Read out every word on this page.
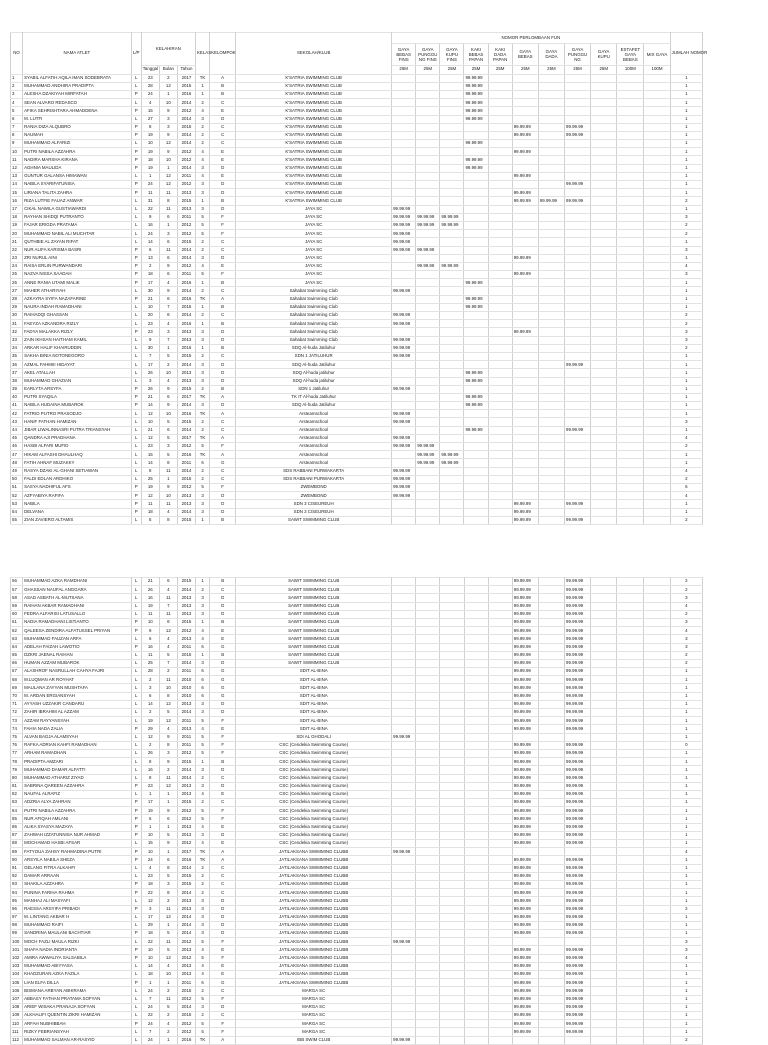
NO	NAMA ATLET	L/P	KELAHIRAN			KELAS	KELOMPOK	SEKOLAH/KLUB	NOMOR PERLOMBAAN FUN											JUMLAH NOMOR
									GAYA BEBAS FINS	GAYA PUNGGU NG FINS	GAYA KUPU FINS	KAKI BEBAS PAPAN	KAKI DADA PAPAN	GAYA BEBAS	GAYA DADA	GAYA PUNGGU NG	GAYA KUPU	ESTAFET GAYA BEBAS	MIX GAYA	
			Tanggal	Bulan	Tahun				25M	25M	25M	25M	25M	25M	25M	25M	25M	100M	100M	
1	SYABIL ALFATIH AQILA IMAN SODEBRATA	L	23	2	2017	TK	A	K'SATRIA SWIMMING CLUB				99.99.99								1
2	MUHAMMAD ANDHIRA PRADIPTA	L	28	12	2015	1	B	K'SATRIA SWIMMING CLUB				99.99.99								1
3	ALESHA DZAKIYAH MIRFATAH	P	24	1	2016	1	B	K'SATRIA SWIMMING CLUB				99.99.99								1
4	SEAN ALVARO REDASCO	L	4	10	2014	2	C	K'SATRIA SWIMMING CLUB				99.99.99								1
5	AFIKA SEHRISHTARA AHMADDENA	P	15	9	2012	4	E	K'SATRIA SWIMMING CLUB				99.99.99								1
6	M. LUTFI	L	27	3	2014	3	D	K'SATRIA SWIMMING CLUB				99.99.99								1
7	RANIA DIZA ALQUBRO	P	8	3	2015	2	C	K'SATRIA SWIMMING CLUB						99.99.99		99.99.99				1
8	NAUMAH	P	19	9	2014	2	C	K'SATRIA SWIMMING CLUB						99.99.99		99.99.99				1
9	MUHAMMAD ALFARIZI	L	10	12	2014	2	C	K'SATRIA SWIMMING CLUB				99.99.99								1
10	PUTRI NABILA AZZAHRA	P	19	9	2012	4	E	K'SATRIA SWIMMING CLUB						99.99.99						1
11	NADIRA MARSHA KIRANA	P	18	10	2012	4	E	K'SATRIA SWIMMING CLUB				99.99.99								1
12	AGHNIA MAULIDA	P	19	1	2014	3	D	K'SATRIA SWIMMING CLUB				99.99.99								1
13	GUNTUR GALANSA HIMAWAN	L	1	12	2011	4	E	K'SATRIA SWIMMING CLUB						99.99.99						1
14	NABILA SYARIFATUNISA	P	24	12	2012	3	D	K'SATRIA SWIMMING CLUB								99.99.99				1
15	LIRIANA TALITA ZAHRA	P	11	11	2013	3	D	K'SATRIA SWIMMING CLUB						99.99.99						1
16	RIZA LUTFIE FAUAZ ANWAR	L	31	8	2015	1	B	K'SATRIA SWIMMING CLUB						99.99.99	99.99.99	99.99.99				2
17	CIKAL NAWILA GUSTIAWARDI	L	22	11	2013	3	D	JAYA SC	99.99.99											1
18	RAYHAN SHIDQI PUTRANTO	L	9	6	2011	5	F	JAYA SC	99.99.99	99.99.99	99.99.99									3
19	FAJAR ERIGDA PRATAMA	L	16	1	2012	5	F	JAYA SC	99.99.99	99.99.99	99.99.99									2
20	MUHAMMAD NABIL ALI MUCHTAR	L	24	3	2012	5	F	JAYA SC	99.99.99											2
21	QUTHBIE AL ZAYAN RIFAT	L	14	6	2015	2	C	JAYA SC	99.99.99											1
22	NUR ALIFA KARISMA BASRI	P	6	11	2014	2	C	JAYA SC	99.99.99	99.99.99										3
23	ZRI NURUL AINI	P	13	6	2014	3	D	JAYA SC						99.99.99						1
24	RAISA ERLIN PURWANDARI	P	2	9	2012	4	E	JAYA SC		99.99.99	99.99.99									4
25	NAZVA NISSA SAADAH	P	18	6	2011	5	F	JAYA SC						99.99.99						3
26	ANNE RANIA UTAMI MALIK	P	17	4	2016	1	B	JAYA SC				99.99.99								1
27	MAHER ATHARIYAH	L	30	9	2014	2	C	Sahabat Swimming Club	99.99.99											1
28	AZKAYRA SYIFA NAZAFARINE	P	21	8	2016	TK	A	Sahabat Swimming Club				99.99.99								1
29	NAURA INDAH RAMADHANI	L	10	7	2015	1	B	Sahabat Swimming Club				99.99.99								1
30	RAIHADQI GHASSAN	L	20	8	2014	2	C	Sahabat Swimming Club	99.99.99											2
31	FAEYZA AZKANDRA RIZLY	L	23	4	2016	1	B	Sahabat Swimming Club	99.99.99											2
32	FADYA MALAKKA RIZLY	P	23	3	2013	3	D	Sahabat Swimming Club						99.99.99						3
33	ZAIN IKHSAN HAITHAM KAMIL	L	9	7	2013	3	D	Sahabat Swimming Club	99.99.99											3
34	ARKAR HALIF KHAIRUDDIN	L	30	1	2016	1	B	SDQ Al-huda Jatiluhur	99.99.99											2
35	SAKHA BINIA NOTONEGORO	L	7	5	2015	2	C	SDN 1 JATILUHUR	99.99.99											1
36	AZMAL FAHMIII HIDAYAT	L	17	2	2014	3	D	SDQ Al-huda Jatiluhur								99.99.99				1
37	AKEL ATALLAH	L	26	10	2013	3	D	SDQ Al-huda jatiluhur				99.99.99								1
38	MUHAMMAD GHAZIAN	L	3	4	2013	3	D	SDQ Al-huda jatiluhur				99.99.99								1
39	EARLYTA ARSYFA	P	26	9	2015	2	B	SDN 1 Jatiluhur	99.99.99											1
40	PUTRI SYAQILA	P	21	6	2017	TK	A	TK IT Al-huda Jatiluhur				99.99.99								1
41	NABILA HUDAINA MUBAROK	P	14	9	2014	3	D	SDQ Al-huda Jatiluhur				99.99.99								1
42	FATRIO PUTRO PRASODJO	L	12	10	2016	TK	A	Arsteamschool	99.99.99											1
43	HANIF FATHAN HAMIZAN	L	10	5	2015	2	C	Arsteamschool	99.99.99											3
44	JIBAR LIWALINNASRI PUTRA TRIANSYAH	L	21	6	2014	2	C	Arsteamschool				99.99.99				99.99.99				1
45	QANDRA AJI PRADHANA	L	12	5	2017	TK	A	Arsteamschool	99.99.99											4
46	HASBI ALFARI MUFID	L	23	3	2012	5	F	Arsteamschool	99.99.99	99.99.99										2
47	HIKAM ALFASHI DHAULHAQ	L	15	5	2016	TK	A	Arsteamschool		99.99.99	99.99.99									1
48	FATIH AHNAF MUZAKKY	L	14	8	2011	6	G	Arsteamschool		99.99.99	99.99.99									1
49	RASYA DZAKI AL-GHANI SETIAWAN	L	8	11	2014	2	C	SDS RABBANI PURWAKARTA	99.99.99											4
50	FALDI EDLAN ARDHIKO	L	25	1	2015	2	C	SDS RABBANI PURWAKARTA	99.99.99											2
51	SASYA NADHIFUL AFS	P	19	9	2012	5	F	ZWEMBOND	99.99.99											6
52	AZFYABIYA RAFIFA	P	12	10	2013	3	D	ZWEMBOND	99.99.99											4
53	NABILA	P	11	11	2013	3	D	SDN 3 CISEUREUH						99.99.99		99.99.99				1
54	DELVANA	P	18	4	2014	3	D	SDN 3 CISEUREUH						99.99.99						1
55	ZIAN ZAVIERO ALTAMIS	L	5	8	2015	1	B	SAWIT SWIMMING CLUB						99.99.99		99.99.99				2
56	MUHAMMAD AZKA RAMDHANI	L	21	6	2015	1	B	SAWIT SWIMMING CLUB						99.99.99		99.99.99				2
57	GHASSAN NAUFAL ANGGARA	L	26	4	2014	2	C	SAWIT SWIMMING CLUB						99.99.99		99.99.99				2
58	ASAD ASBATH AL-MUTSANA	L	16	11	2013	3	D	SAWIT SWIMMING CLUB						99.99.99		99.99.99				3
59	RAIHAN AKBAR RAMADHANI	L	19	7	2013	3	D	SAWIT SWIMMING CLUB						99.99.99		99.99.99				4
60	FEDRA ALFARISI LATUSALLO	L	11	11	2013	3	D	SAWIT SWIMMING CLUB						99.99.99		99.99.99				2
61	NADIA RAMADHANI LISTIANTO	P	10	8	2015	1	B	SAWIT SWIMMING CLUB						99.99.99		99.99.99				3
62	QALEESA ZENDIRA ALFATUSSEL PRIYAN	P	9	12	2012	4	E	SAWIT SWIMMING CLUB						99.99.99		99.99.99				4
63	MUHAMMAD FAUZAN ARFA	L	6	4	2013	4	E	SAWIT SWIMMING CLUB						99.99.99		99.99.99				3
64	ADELAH FAIZAH LAWOTIO	P	16	4	2011	6	G	SAWIT SWIMMING CLUB						99.99.99		99.99.99				3
65	DZKRI JAENAL RAIHAN	L	11	5	2015	1	B	SAWIT SWIMMING CLUB						99.99.99		99.99.99				2
66	HUMAN AZZAM MUBAROK	L	25	7	2014	3	D	SAWIT SWIMMING CLUB						99.99.99		99.99.99				2
67	ALASHROF NASRULLAH CAHYA FAJRI	L	28	2	2011	6	G	SDIT AL-BINA						99.99.99		99.99.99				1
68	M.LUQMAN AR ROYHAT	L	2	11	2010	6	G	SDIT AL-BINA						99.99.99		99.99.99				1
69	MAULANA ZAYYAN MUSHTAFA	L	3	10	2010	6	G	SDIT AL-BINA						99.99.99		99.99.99				1
70	M. ARDAN ERGIANSYAH	L	6	8	2010	6	G	SDIT AL-BINA						99.99.99		99.99.99				1
71	AYYASH UZZAKIR CANDARU	L	14	12	2013	3	D	SDIT AL-BINA						99.99.99		99.99.99				1
72	ZAHIR IBRAHIM AL AZZAM	L	2	5	2014	3	D	SDIT AL-BINA						99.99.99		99.99.99				1
73	AZZAM RAYYANSYAH	L	19	12	2011	5	F	SDIT AL-BINA						99.99.99		99.99.99				1
74	FAHIA NADA ZALIA	P	29	4	2013	4	E	SDIT AL-BINA						99.99.99		99.99.99				1
75	ALVAN BAGJA ALAMSYAH	L	12	9	2011	5	F	SDI AL GHODALI	99.99.99											1
76	RAFKA ADRIAN KAHFI RAMADHAN	L	2	8	2011	5	F	CSC (Cendekia Swimming Course)						99.99.99		99.99.99				0
77	ARHAM RAMADHAN	L	26	3	2012	5	F	CSC (Cendekia Swimming Course)						99.99.99		99.99.99				1
78	PRADIPTA AMZARI	L	8	9	2015	1	B	CSC (Cendekia Swimming Course)						99.99.99		99.99.99				1
79	MUHAMMAD DAMAR ALFATTI	L	16	2	2014	3	D	CSC (Cendekia Swimming Course)						99.99.99		99.99.99				1
80	MUHAMMAD ATHARIZ ZIYAD	L	8	11	2014	2	C	CSC (Cendekia Swimming Course)						99.99.99		99.99.99				1
81	SABRINA QAREEN AZZAHRA	P	23	12	2013	3	D	CSC (Cendekia Swimming Course)						99.99.99		99.99.99				1
82	NAUFAL ALRAFIZ	L	1	1	2013	4	E	CSC (Cendekia Swimming Course)						99.99.99		99.99.99				1
83	ADZRIA ALYA ZAHRAN	P	17	1	2015	2	C	CSC (Cendekia Swimming Course)						99.99.99		99.99.99				1
84	PUTRI NABILA AZZAHRA	P	19	9	2012	5	F	CSC (Cendekia Swimming Course)						99.99.99		99.99.99				1
85	NUR AFIQAH AMLANI	P	6	6	2012	5	F	CSC (Cendekia Swimming Course)						99.99.99		99.99.99				1
86	ALIKA SYASYA MAZAYA	P	1	1	2013	4	E	CSC (Cendekia Swimming Course)						99.99.99		99.99.99				1
87	ZAHWAH IZZATUNNISA NUR AHMAD	P	10	5	2013	3	D	CSC (Cendekia Swimming Course)						99.99.99		99.99.99				1
88	MOCHAMAD HASBI AFSAR	L	15	9	2012	4	E	CSC (Cendekia Swimming Course)						99.99.99		99.99.99				1
89	FATYOUA ZAHSY RAHMADINA PUTRI	P	10	1	2017	TK	A	JATILAKSANA SWIMMING CLUBB	99.99.99											4
90	ARSYILA NABILA SHEZA	P	24	6	2016	TK	A	JATILAKSANA SWIMMING CLUBB						99.99.99		99.99.99				1
91	GELANG FITRA ALKAHFI	L	4	8	2014	2	C	JATILAKSANA SWIMMING CLUBB						99.99.99		99.99.99				1
92	DAMAR ARRAAN	L	23	5	2015	2	C	JATILAKSANA SWIMMING CLUBB						99.99.99		99.99.99				1
93	SHAKILA AZZAHRA	P	18	3	2015	2	C	JATILAKSANA SWIMMING CLUBB						99.99.99		99.99.99				1
94	PUNINA FARIHA RAHMA	P	22	8	2014	2	C	JATILAKSANA SWIMMING CLUBB						99.99.99		99.99.99				1
95	MANHAJ ALI MASYAFI	L	12	2	2013	3	D	JATILAKSANA SWIMMING CLUBB						99.99.99		99.99.99				1
96	RAESSA ARSYIFA PRIBADI	P	3	11	2013	3	D	JATILAKSANA SWIMMING CLUBB						99.99.99		99.99.99				2
97	M. LINTANG AKBAR H	L	17	12	2014	3	D	JATILAKSANA SWIMMING CLUBB						99.99.99		99.99.99				1
98	MUHAMMAD RAIFI	L	29	1	2014	3	D	JATILAKSANA SWIMMING CLUBB						99.99.99		99.99.99				1
99	SANDRINA MAULANI BACHTIAR	P	18	5	2014	3	D	JATILAKSANA SWIMMING CLUBB						99.99.99		99.99.99				1
100	MOCH FAZLI MAULA RIZKI	L	22	11	2012	5	F	JATILAKSANA SWIMMING CLUBB	99.99.99											3
101	SHAFA NADIA INDRIANTA	P	10	5	2013	4	E	JATILAKSANA SWIMMING CLUBB						99.99.99		99.99.99				3
102	AMIRA AWWALIYA SALSABILA	P	10	12	2012	5	F	JATILAKSANA SWIMMING CLUBB						99.99.99		99.99.99				4
103	MUHAMMAD ABIYYASA	L	14	4	2013	4	E	JATILAKSANA SWIMMING CLUBB						99.99.99		99.99.99				1
104	KHADZURAN AZKA FAZILA	L	18	10	2013	4	E	JATILAKSANA SWIMMING CLUBB						99.99.99		99.99.99				1
105	LIAN ELFA DILLA	P	1	1	2011	6	G	JATILAKSANA SWIMMING CLUBB						99.99.99		99.99.99				1
106	BISMANA ARBYAN ABHIRAMA	L	24	2	2015	2	C	MARGA SC						99.99.99		99.99.99				1
107	ABBASY FATHAN PRATAMA SOFYAN	L	7	11	2012	5	F	MARGA SC						99.99.99		99.99.99				1
108	ARIEF WISAKA PRANAJA SOFYAN	L	24	5	2014	3	D	MARGA SC						99.99.99		99.99.99				1
109	ALKHALIFI QUENTIN ZIKRI HAMIZAN	L	22	2	2015	2	C	MARGA SC						99.99.99		99.99.99				1
110	ARFAH NUBHIBBAH	P	24	4	2012	5	F	MARGA SC						99.99.99		99.99.99				1
111	RIZKY FEBRIANSYAH	L	7	2	2012	5	F	MARGA SC						99.99.99		99.99.99				1
112	MUHAMMAD SALMAN AR-RASYID	L	24	1	2016	TK	A	IBB SWIM CLUB	99.99.99											2
